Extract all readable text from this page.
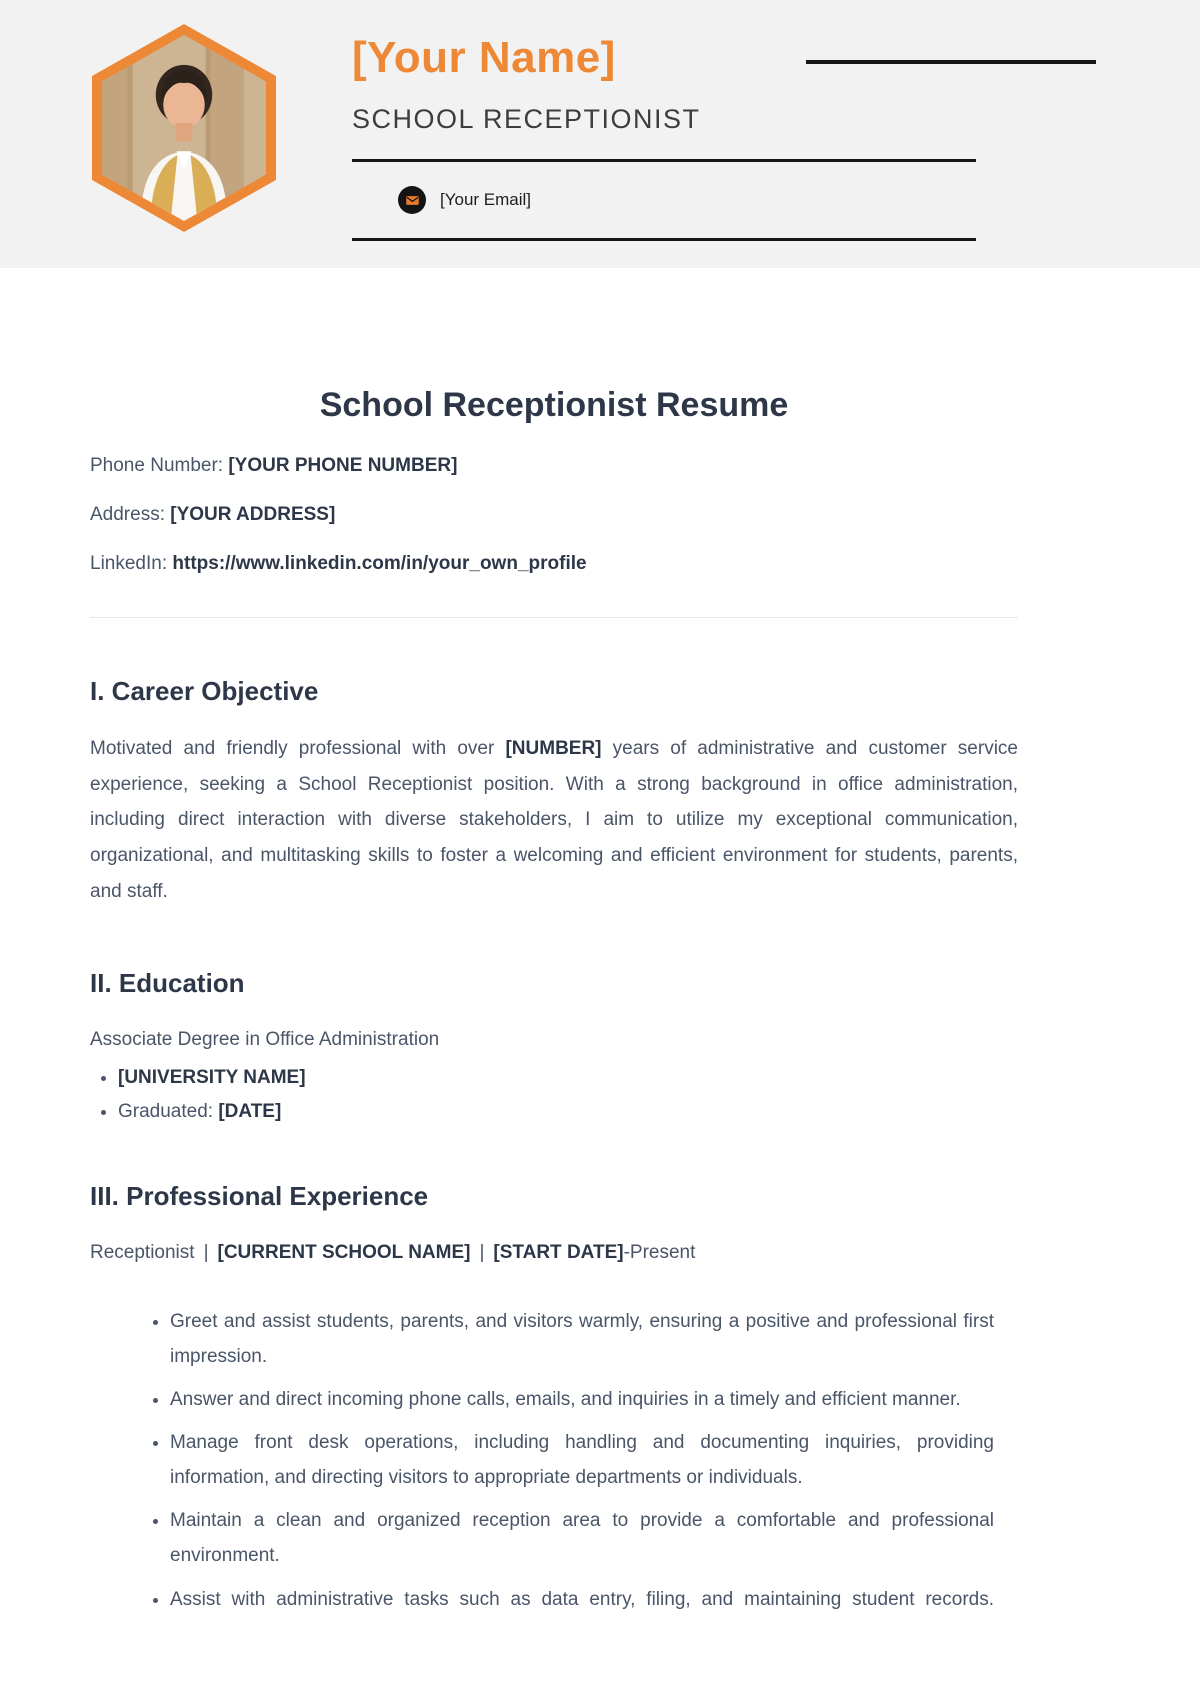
[Your Name]
SCHOOL RECEPTIONIST
[Your Email]
School Receptionist Resume

Phone Number: [YOUR PHONE NUMBER]

Address: [YOUR ADDRESS]

LinkedIn: https://www.linkedin.com/in/your_own_profile

I. Career Objective

Motivated and friendly professional with over [NUMBER] years of administrative and customer service experience, seeking a School Receptionist position. With a strong background in office administration, including direct interaction with diverse stakeholders, I aim to utilize my exceptional communication, organizational, and multitasking skills to foster a welcoming and efficient environment for students, parents, and staff.

II. Education

Associate Degree in Office Administration

• [UNIVERSITY NAME]
• Graduated: [DATE]
III. Professional Experience

Receptionist | [CURRENT SCHOOL NAME] | [START DATE]-Present

• Greet and assist students, parents, and visitors warmly, ensuring a positive and professional first impression.
• Answer and direct incoming phone calls, emails, and inquiries in a timely and efficient manner.
• Manage front desk operations, including handling and documenting inquiries, providing information, and directing visitors to appropriate departments or individuals.
• Maintain a clean and organized reception area to provide a comfortable and professional environment.
• Assist with administrative tasks such as data entry, filing, and maintaining student records.
